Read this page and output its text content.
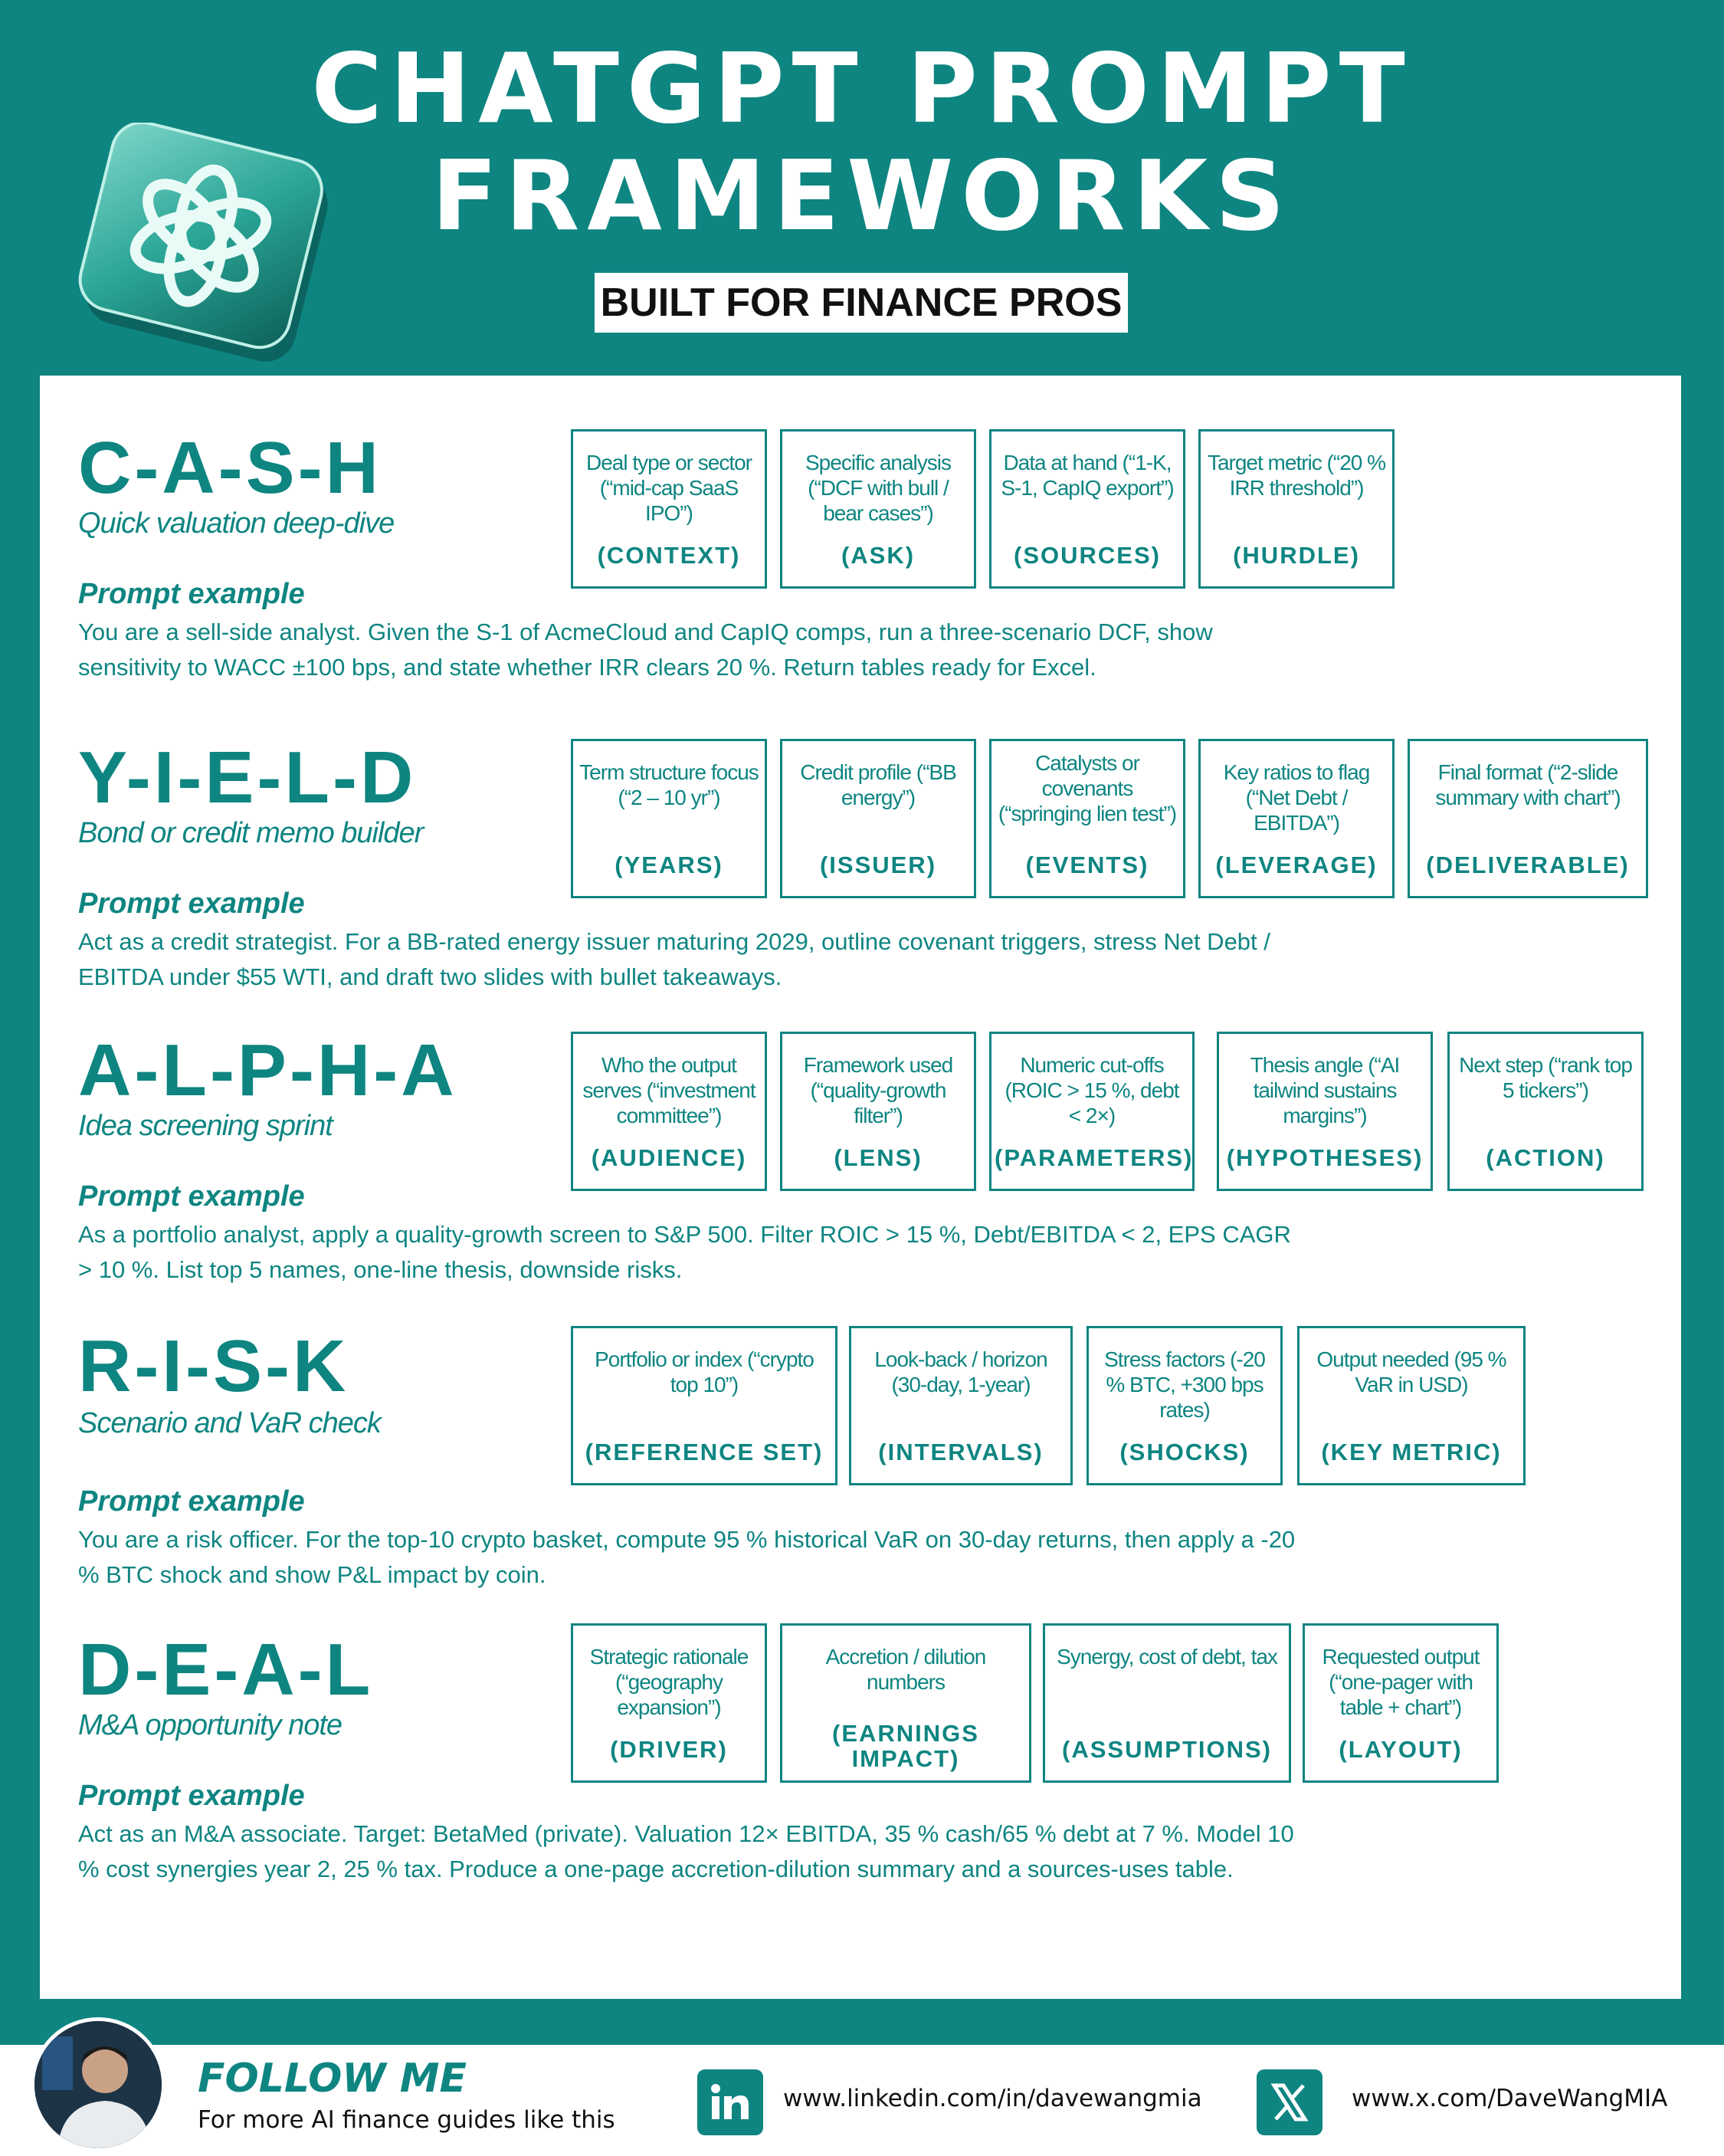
CHATGPT PROMPT
FRAMEWORKS
BUILT FOR FINANCE PROS
C-A-S-H
Quick valuation deep-dive
Deal type or sector (“mid-cap SaaS IPO”)
(CONTEXT)
Specific analysis (“DCF with bull / bear cases”)
(ASK)
Data at hand (“1-K, S-1, CapIQ export”)
(SOURCES)
Target metric (“20 % IRR threshold”)
(HURDLE)
Prompt example
You are a sell-side analyst. Given the S-1 of AcmeCloud and CapIQ comps, run a three-scenario DCF, show sensitivity to WACC ±100 bps, and state whether IRR clears 20 %. Return tables ready for Excel.
Y-I-E-L-D
Bond or credit memo builder
Term structure focus (“2 – 10 yr”)
(YEARS)
Credit profile (“BB energy”)
(ISSUER)
Catalysts or covenants (“springing lien test”)
(EVENTS)
Key ratios to flag (“Net Debt / EBITDA”)
(LEVERAGE)
Final format (“2-slide summary with chart”)
(DELIVERABLE)
Prompt example
Act as a credit strategist. For a BB-rated energy issuer maturing 2029, outline covenant triggers, stress Net Debt / EBITDA under $55 WTI, and draft two slides with bullet takeaways.
A-L-P-H-A
Idea screening sprint
Who the output serves (“investment committee”)
(AUDIENCE)
Framework used (“quality-growth filter”)
(LENS)
Numeric cut-offs (ROIC > 15 %, debt < 2×)
(PARAMETERS)
Thesis angle (“AI tailwind sustains margins”)
(HYPOTHESES)
Next step (“rank top 5 tickers”)
(ACTION)
Prompt example
As a portfolio analyst, apply a quality-growth screen to S&P 500. Filter ROIC > 15 %, Debt/EBITDA < 2, EPS CAGR > 10 %. List top 5 names, one-line thesis, downside risks.
R-I-S-K
Scenario and VaR check
Portfolio or index (“crypto top 10”)
(REFERENCE SET)
Look-back / horizon (30-day, 1-year)
(INTERVALS)
Stress factors (-20 % BTC, +300 bps rates)
(SHOCKS)
Output needed (95 % VaR in USD)
(KEY METRIC)
Prompt example
You are a risk officer. For the top-10 crypto basket, compute 95 % historical VaR on 30-day returns, then apply a -20 % BTC shock and show P&L impact by coin.
D-E-A-L
M&A opportunity note
Strategic rationale (“geography expansion”)
(DRIVER)
Accretion / dilution numbers
(EARNINGS IMPACT)
Synergy, cost of debt, tax
(ASSUMPTIONS)
Requested output (“one-pager with table + chart”)
(LAYOUT)
Prompt example
Act as an M&A associate. Target: BetaMed (private). Valuation 12× EBITDA, 35 % cash/65 % debt at 7 %. Model 10 % cost synergies year 2, 25 % tax. Produce a one-page accretion-dilution summary and a sources-uses table.
FOLLOW ME
For more AI finance guides like this
www.linkedin.com/in/davewangmia	www.x.com/DaveWangMIA
